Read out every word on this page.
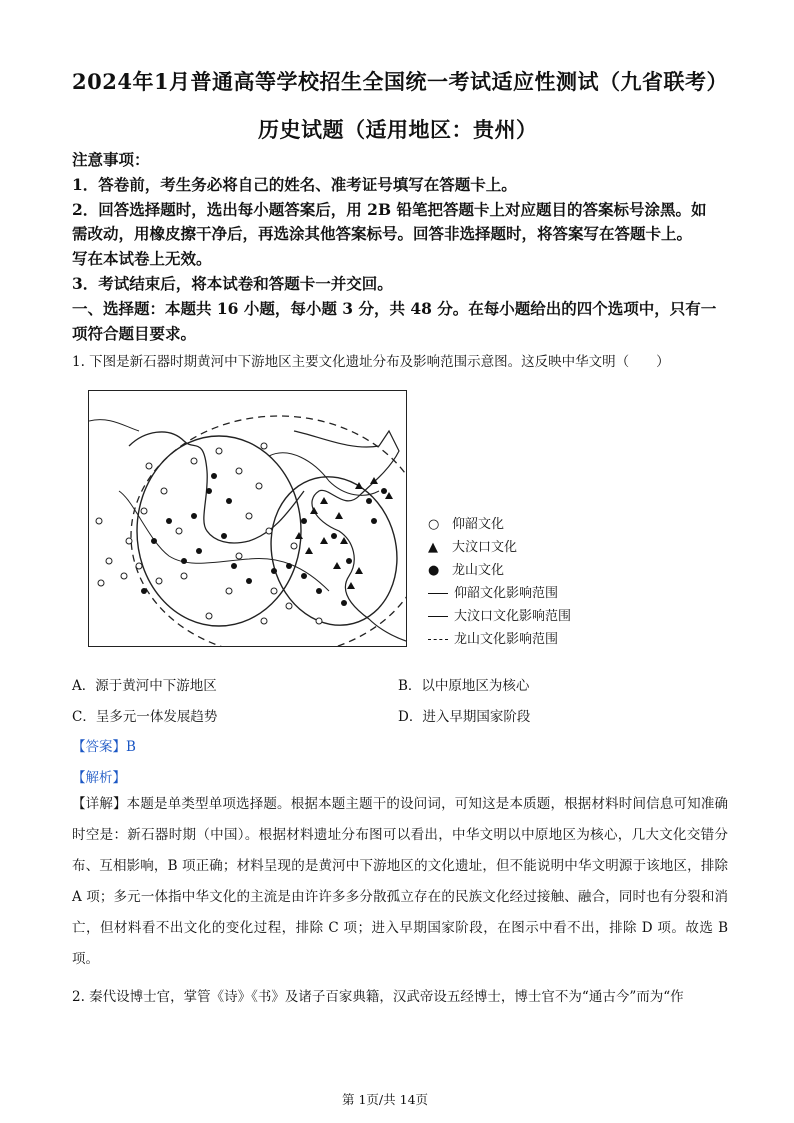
2024年1月普通高等学校招生全国统一考试适应性测试（九省联考）
历史试题（适用地区：贵州）
注意事项：
1．答卷前，考生务必将自己的姓名、准考证号填写在答题卡上。
2．回答选择题时，选出每小题答案后，用 2B 铅笔把答题卡上对应题目的答案标号涂黑。如
需改动，用橡皮擦干净后，再选涂其他答案标号。回答非选择题时，将答案写在答题卡上。
写在本试卷上无效。
3．考试结束后，将本试卷和答题卡一并交回。
一、选择题：本题共 16 小题，每小题 3 分，共 48 分。在每小题给出的四个选项中，只有一
项符合题目要求。
1. 下图是新石器时期黄河中下游地区主要文化遗址分布及影响范围示意图。这反映中华文明（　　）
○ 仰韶文化
▲ 大汶口文化
● 龙山文化
仰韶文化影响范围
大汶口文化影响范围
龙山文化影响范围
A．源于黄河中下游地区	B．以中原地区为核心
C．呈多元一体发展趋势	D．进入早期国家阶段
【答案】B
【解析】
【详解】本题是单类型单项选择题。根据本题主题干的设问词，可知这是本质题，根据材料时间信息可知准确时空是：新石器时期（中国）。根据材料遗址分布图可以看出，中华文明以中原地区为核心，几大文化交错分布、互相影响，B 项正确；材料呈现的是黄河中下游地区的文化遗址，但不能说明中华文明源于该地区，排除 A 项；多元一体指中华文化的主流是由许许多多分散孤立存在的民族文化经过接触、融合，同时也有分裂和消亡，但材料看不出文化的变化过程，排除 C 项；进入早期国家阶段，在图示中看不出，排除 D 项。故选 B 项。
2. 秦代设博士官，掌管《诗》《书》及诸子百家典籍，汉武帝设五经博士，博士官不为“通古今”而为“作
第 1页/共 14页
